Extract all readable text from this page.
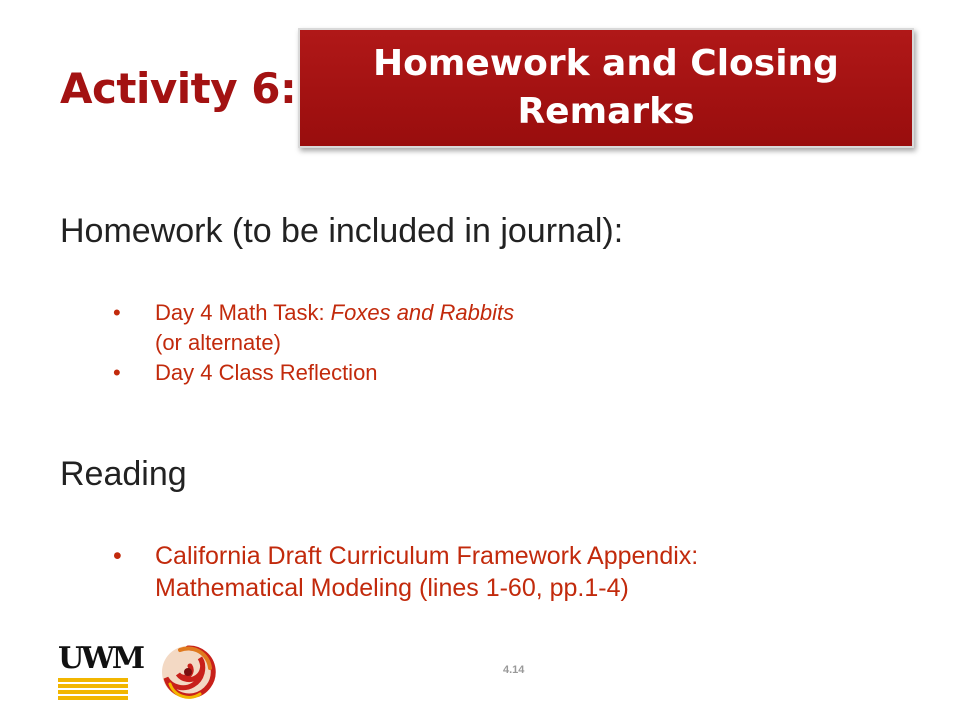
Activity 6:
Homework and Closing
Remarks
Homework (to be included in journal):
• Day 4 Math Task: Foxes and Rabbits
(or alternate)
• Day 4 Class Reflection
Reading
• California Draft Curriculum Framework Appendix:
Mathematical Modeling (lines 1-60, pp.1-4)
UWM	4.14
